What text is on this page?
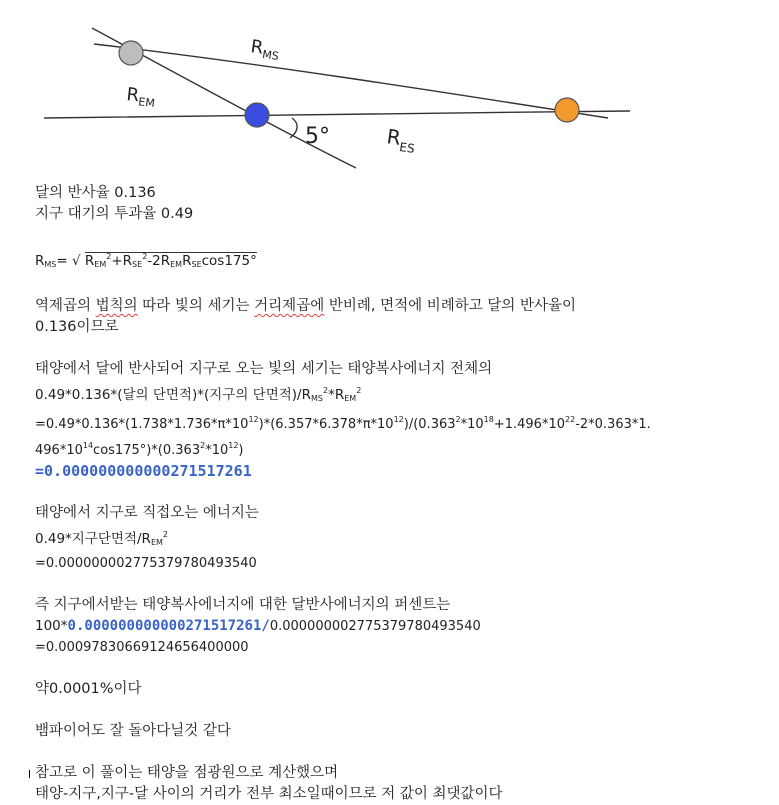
$R_{MS}$
$R_{EM}$
5°	$R_{ES}$
달의 반사율 0.136
지구 대기의 투과율 0.49
$R_{MS}=$ √ $R_{EM}^2+R_{SE}^2-2R_{EM}R_{SE}\cos 175^\circ$
역제곱의 법칙의 따라 빛의 세기는 거리제곱에 반비례, 면적에 비례하고 달의 반사율이
0.136이므로
태양에서 달에 반사되어 지구로 오는 빛의 세기는 태양복사에너지 전체의
0.49*0.136*(달의 단면적)*(지구의 단면적)$/R_{MS}^2*R_{EM}^2$
$=0.49*0.136*(1.738*1.736*\pi*10^{12})*(6.357*6.378*\pi*10^{12})/(0.363^2*10^{18}+1.496*10^{22}-2*0.363*1$.
$496*10^{14}\cos 175^\circ)*(0.363^2*10^{12})$
=0.000000000000271517261
태양에서 지구로 직접오는 에너지는
0.49*지구단면적$/R_{EM}^2$
=0.000000002775379780493540
즉 지구에서받는 태양복사에너지에 대한 달반사에너지의 퍼센트는
100*0.000000000000271517261/0.000000002775379780493540
=0.0009783066912465640000​0
약0.0001%이다
뱀파이어도 잘 돌아다닐것 같다
참고로 이 풀이는 태양을 점광원으로 계산했으며
태양-지구,지구-달 사이의 거리가 전부 최소일때이므로 저 값이 최댓값이다
